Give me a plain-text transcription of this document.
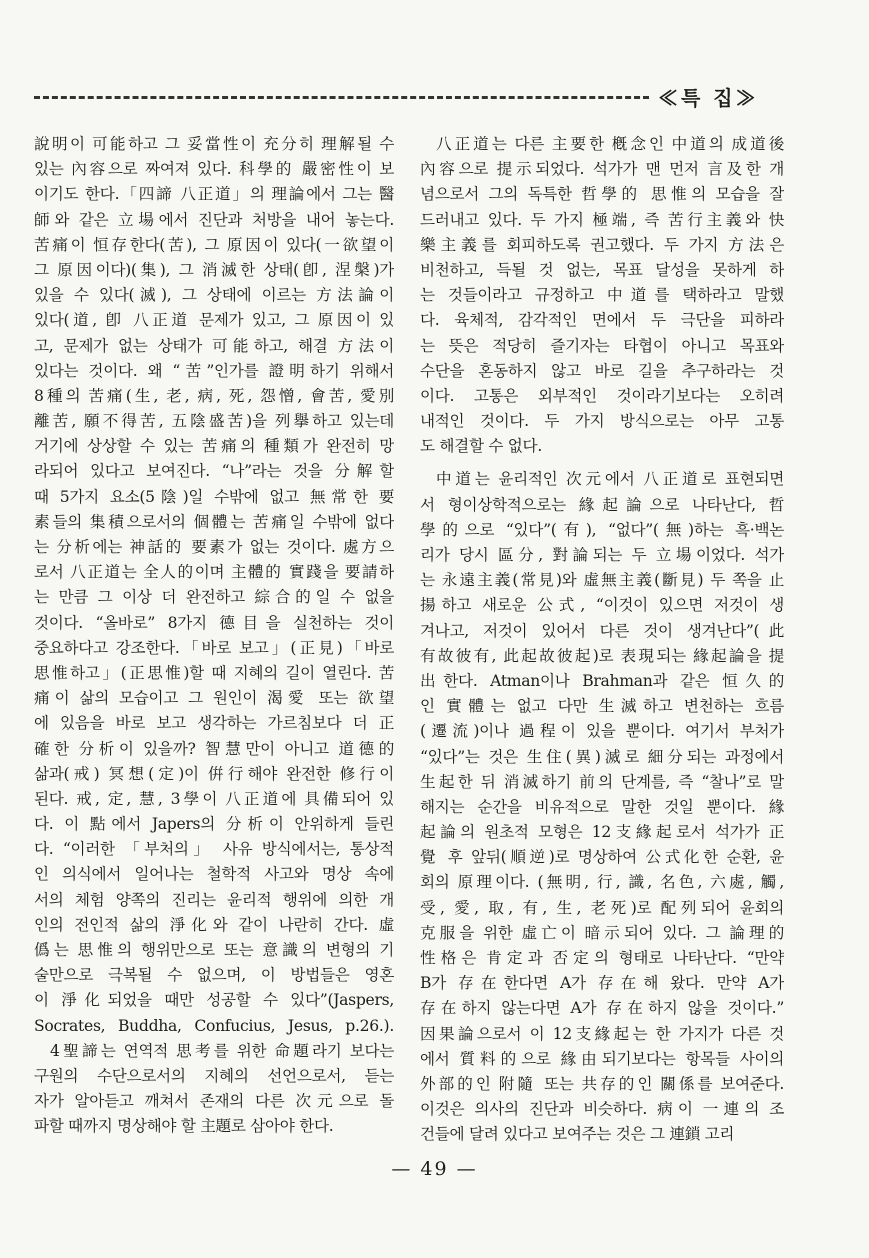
≪특 집≫
說明이 可能하고 그 妥當性이 充分히 理解될 수
있는 內容으로 짜여져 있다. 科學的 嚴密性이 보
이기도 한다.「四諦 八正道」의 理論에서 그는 醫
師와 같은 立場에서 진단과 처방을 내어 놓는다.
苦痛이 恒存한다(苦), 그 原因이 있다(一欲望이
그 原因이다)(集), 그 消滅한 상태(卽, 涅槃)가
있을 수 있다(滅), 그 상태에 이르는 方法論이
있다(道, 卽 八正道 문제가 있고, 그 原因이 있
고, 문제가 없는 상태가 可能하고, 해결 方法이
있다는 것이다. 왜 “苦”인가를 證明하기 위해서
8種의 苦痛(生, 老, 病, 死, 怨憎, 會苦, 愛別
離苦, 願不得苦, 五陰盛苦)을 列擧하고 있는데
거기에 상상할 수 있는 苦痛의 種類가 완전히 망
라되어 있다고 보여진다. “나”라는 것을 分解할
때 5가지 요소(5陰)일 수밖에 없고 無常한 要
素들의 集積으로서의 個體는 苦痛일 수밖에 없다
는 分析에는 神話的 要素가 없는 것이다. 處方으
로서 八正道는 全人的이며 主體的 實踐을 要請하
는 만큼 그 이상 더 완전하고 綜合的일 수 없을
것이다. “올바로” 8가지 德目을 실천하는 것이
중요하다고 강조한다.「바로 보고」(正見)「바로
思惟하고」(正思惟)할 때 지혜의 길이 열린다. 苦
痛이 삶의 모습이고 그 원인이 渴愛 또는 欲望
에 있음을 바로 보고 생각하는 가르침보다 더 正
確한 分析이 있을까? 智慧만이 아니고 道德的
삶과(戒) 冥想(定)이 倂行해야 완전한 修行이
된다. 戒, 定, 慧, 3學이 八正道에 具備되어 있
다. 이 點에서 Japers의 分析이 안위하게 들린
다. “이러한 「부처의」 사유 방식에서는, 통상적
인 의식에서 일어나는 철학적 사고와 명상 속에
서의 체험 양쪽의 진리는 윤리적 행위에 의한 개
인의 전인적 삶의 淨化와 같이 나란히 간다. 虛
僞는 思惟의 행위만으로 또는 意識의 변형의 기
술만으로 극복될 수 없으며, 이 방법들은 영혼
이 淨化되었을 때만 성공할 수 있다”(Jaspers,
Socrates, Buddha, Confucius, Jesus, p.26.).
4聖諦는 연역적 思考를 위한 命題라기 보다는
구원의 수단으로서의 지혜의 선언으로서, 듣는
자가 알아듣고 깨쳐서 존재의 다른 次元으로 돌
파할 때까지 명상해야 할 主題로 삼아야 한다.
八正道는 다른 主要한 槪念인 中道의 成道後
內容으로 提示되었다. 석가가 맨 먼저 言及한 개
념으로서 그의 독특한 哲學的 思惟의 모습을 잘
드러내고 있다. 두 가지 極端, 즉 苦行主義와 快
樂主義를 회피하도록 권고했다. 두 가지 方法은
비천하고, 득될 것 없는, 목표 달성을 못하게 하
는 것들이라고 규정하고 中道를 택하라고 말했
다. 육체적, 감각적인 면에서 두 극단을 피하라
는 뜻은 적당히 즐기자는 타협이 아니고 목표와
수단을 혼동하지 않고 바로 길을 추구하라는 것
이다. 고통은 외부적인 것이라기보다는 오히려
내적인 것이다. 두 가지 방식으로는 아무 고통
도 해결할 수 없다.
中道는 윤리적인 次元에서 八正道로 표현되면
서 형이상학적으로는 緣起論으로 나타난다, 哲
學的으로 “있다”(有), “없다”(無)하는 흑·백논
리가 당시 區分, 對論되는 두 立場이었다. 석가
는 永遠主義(常見)와 虛無主義(斷見) 두 쪽을 止
揚하고 새로운 公式, “이것이 있으면 저것이 생
겨나고, 저것이 있어서 다른 것이 생겨난다”(此
有故彼有, 此起故彼起)로 表現되는 緣起論을 提
出한다. Atman이나 Brahman과 같은 恒久的
인 實體는 없고 다만 生滅하고 변천하는 흐름
(遷流)이나 過程이 있을 뿐이다. 여기서 부처가
“있다”는 것은 生住(異)滅로 細分되는 과정에서
生起한 뒤 消滅하기 前의 단계를, 즉 “찰나”로 말
해지는 순간을 비유적으로 말한 것일 뿐이다. 緣
起論의 원초적 모형은 12支緣起로서 석가가 正
覺 후 앞뒤(順逆)로 명상하여 公式化한 순환, 윤
회의 原理이다. (無明, 行, 識, 名色, 六處, 觸,
受, 愛, 取, 有, 生, 老死)로 配列되어 윤회의
克服을 위한 虛亡이 暗示되어 있다. 그 論理的
性格은 肯定과 否定의 형태로 나타난다. “만약
B가 存在한다면 A가 存在해 왔다. 만약 A가
存在하지 않는다면 A가 存在하지 않을 것이다.”
因果論으로서 이 12支緣起는 한 가지가 다른 것
에서 質料的으로 緣由되기보다는 항목들 사이의
外部的인 附隨 또는 共存的인 關係를 보여준다.
이것은 의사의 진단과 비슷하다. 病이 一連의 조
건들에 달려 있다고 보여주는 것은 그 連鎖 고리
— 49 —
